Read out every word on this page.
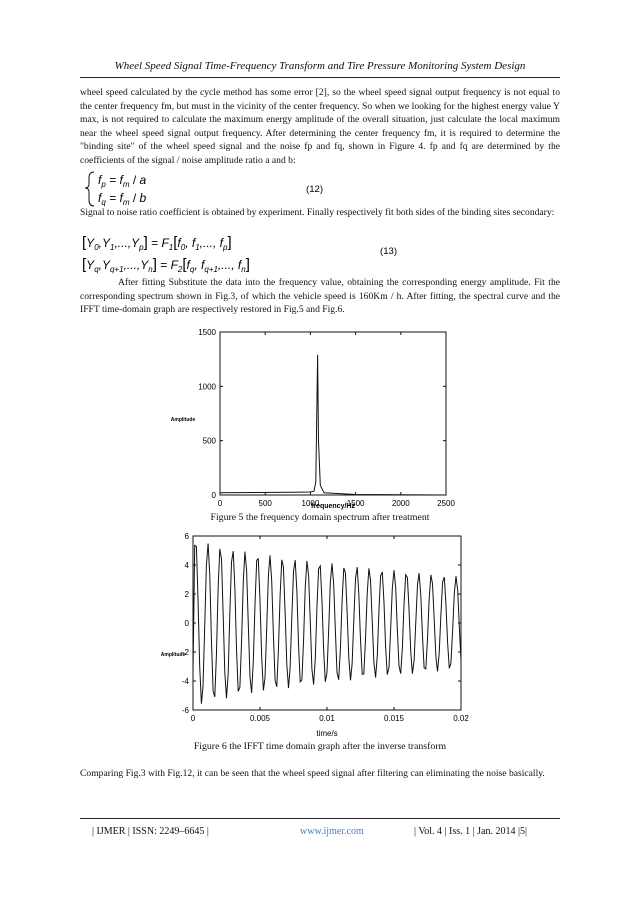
Wheel Speed Signal Time-Frequency Transform and Tire Pressure Monitoring System Design

wheel speed calculated by the cycle method has some error [2], so the wheel speed signal output frequency is not equal to the center frequency fm, but must in the vicinity of the center frequency. So when we looking for the highest energy value Y max, is not required to calculate the maximum energy amplitude of the overall situation, just calculate the local maximum near the wheel speed signal output frequency. After determining the center frequency fm, it is required to determine the "binding site" of the wheel speed signal and the noise fp and fq, shown in Figure 4. fp and fq are determined by the coefficients of the signal / noise amplitude ratio a and b:

$f_p = f_m / a$
$f_q = f_m / b$
(12)

Signal to noise ratio coefficient is obtained by experiment. Finally respectively fit both sides of the binding sites secondary:

$[Y_0,Y_1,...,Y_p] = F_1[f_0$, $f_1$,..., $f_p$]
$[Y_q,Y_{q+1},...,Y_n] = F_2[f_q$, $f_{q+1}$,..., $f_n$]
(13)

After fitting Substitute the data into the frequency value, obtaining the corresponding energy amplitude. Fit the corresponding spectrum shown in Fig.3, of which the vehicle speed is 160Km / h. After fitting, the spectral curve and the IFFT time-domain graph are respectively restored in Fig.5 and Fig.6.

0
500
1000
1500
0	500	1000	1500	2000	2500
frequency/Hz
Amplitude
Figure 5 the frequency domain spectrum after treatment
-6
-4
-2
0
2
4
6
0	0.005	0.01	0.015	0.02
time/s
Amplitude
Figure 6 the IFFT time domain graph after the inverse transform

Comparing Fig.3 with Fig.12, it can be seen that the wheel speed signal after filtering can eliminating the noise basically.

| IJMER | ISSN: 2249–6645 |	www.ijmer.com	| Vol. 4 | Iss. 1 | Jan. 2014 |5|
